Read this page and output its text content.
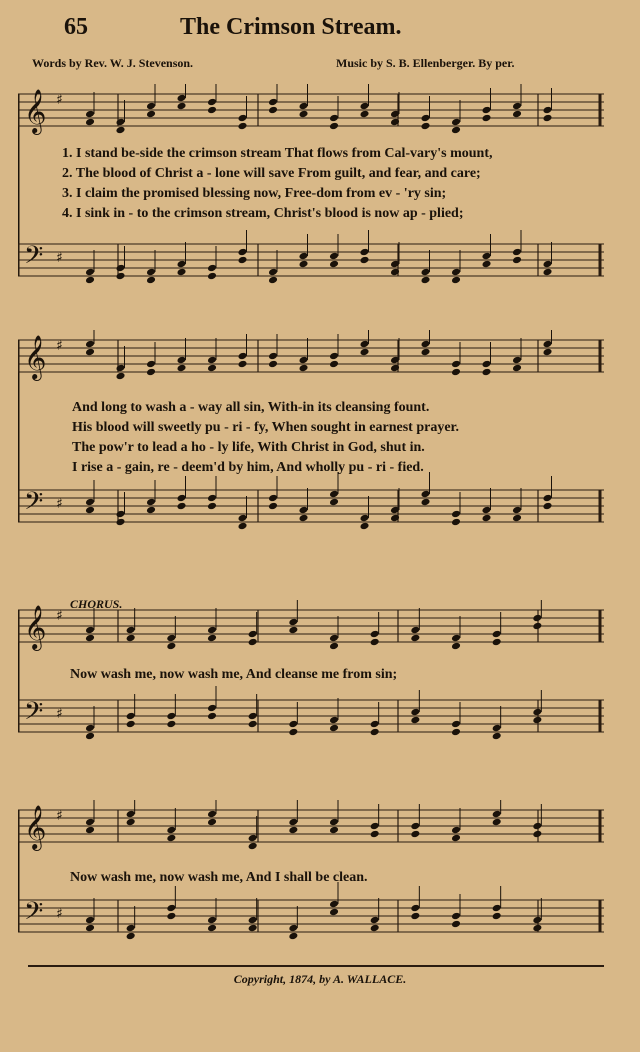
65	The Crimson Stream.
Words by Rev. W. J. Stevenson.	Music by S. B. Ellenberger. By per.
𝄞 ♯
𝄢 ♯
1. I stand be-side the crimson stream That flows from Cal-vary's mount,
2. The blood of Christ a - lone will save From guilt, and fear, and care;
3. I claim the promised blessing now, Free-dom from ev - 'ry sin;
4. I sink in - to the crimson stream, Christ's blood is now ap - plied;
𝄞 ♯
𝄢 ♯
And long to wash a - way all sin, With-in its cleansing fount.
His blood will sweetly pu - ri - fy, When sought in earnest prayer.
The pow'r to lead a ho - ly life, With Christ in God, shut in.
I rise a - gain, re - deem'd by him, And wholly pu - ri - fied.
CHORUS.
𝄞 ♯
𝄢 ♯
Now wash me, now wash me, And cleanse me from sin;
𝄞 ♯
𝄢 ♯
Now wash me, now wash me, And I shall be clean.
Copyright, 1874, by A. WALLACE.
